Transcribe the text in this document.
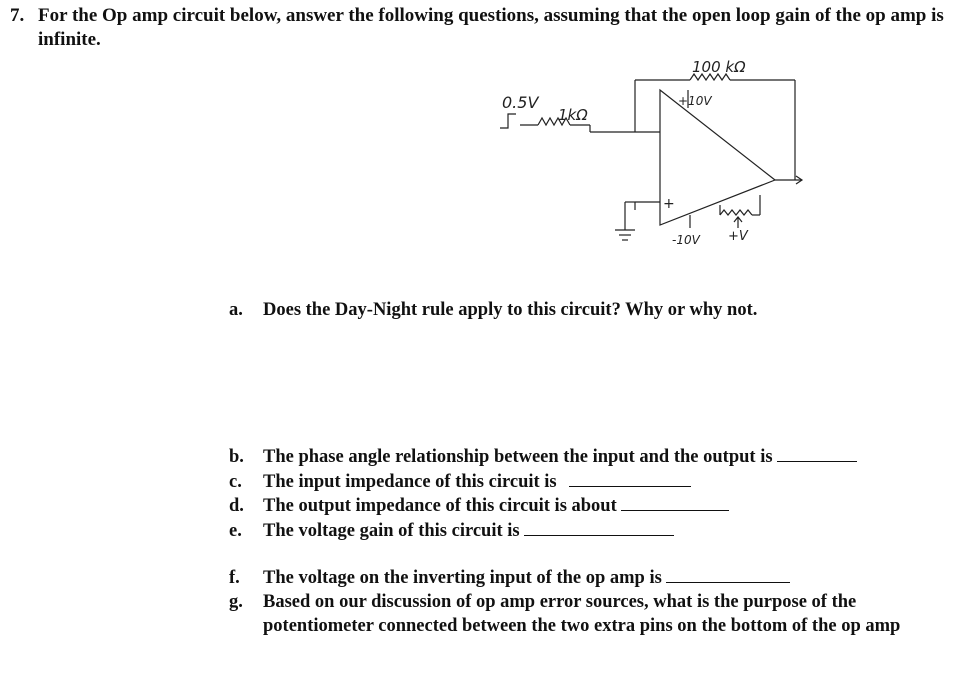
7. For the Op amp circuit below, answer the following questions, assuming that the open loop gain of the op amp is infinite.
100 kΩ
0.5V
1kΩ
+10V
+
-10V +V
a.	Does the Day-Night rule apply to this circuit? Why or why not.
b.	The phase angle relationship between the input and the output is
c.	The input impedance of this circuit is
d.	The output impedance of this circuit is about
e.	The voltage gain of this circuit is
f.	The voltage on the inverting input of the op amp is
g.	Based on our discussion of op amp error sources, what is the purpose of the potentiometer connected between the two extra pins on the bottom of the op amp
